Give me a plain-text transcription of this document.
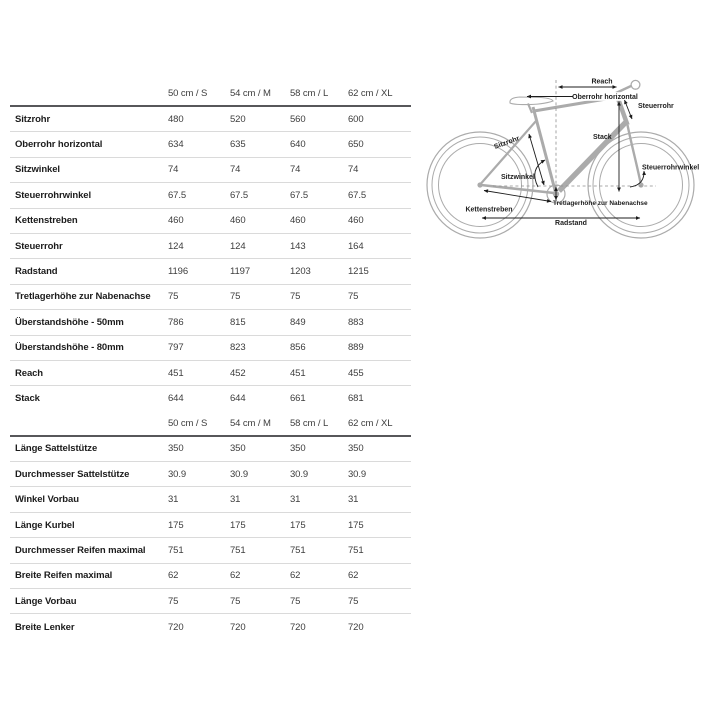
50 cm / S	54 cm / M	58 cm / L	62 cm / XL
Sitzrohr	480	520	560	600
Oberrohr horizontal	634	635	640	650
Sitzwinkel	74	74	74	74
Steuerrohrwinkel	67.5	67.5	67.5	67.5
Kettenstreben	460	460	460	460
Steuerrohr	124	124	143	164
Radstand	1196	1197	1203	1215
Tretlagerhöhe zur Nabenachse	75	75	75	75
Überstandshöhe - 50mm	786	815	849	883
Überstandshöhe - 80mm	797	823	856	889
Reach	451	452	451	455
Stack	644	644	661	681
50 cm / S	54 cm / M	58 cm / L	62 cm / XL
Länge Sattelstütze	350	350	350	350
Durchmesser Sattelstütze	30.9	30.9	30.9	30.9
Winkel Vorbau	31	31	31	31
Länge Kurbel	175	175	175	175
Durchmesser Reifen maximal	751	751	751	751
Breite Reifen maximal	62	62	62	62
Länge Vorbau	75	75	75	75
Breite Lenker	720	720	720	720
Reach
Oberrohr horizontal
Steuerrohr
Stack
Sitzrohr
Steuerrohrwinkel
Sitzwinkel
Tretlagerhöhe zur Nabenachse
Kettenstreben
Radstand
